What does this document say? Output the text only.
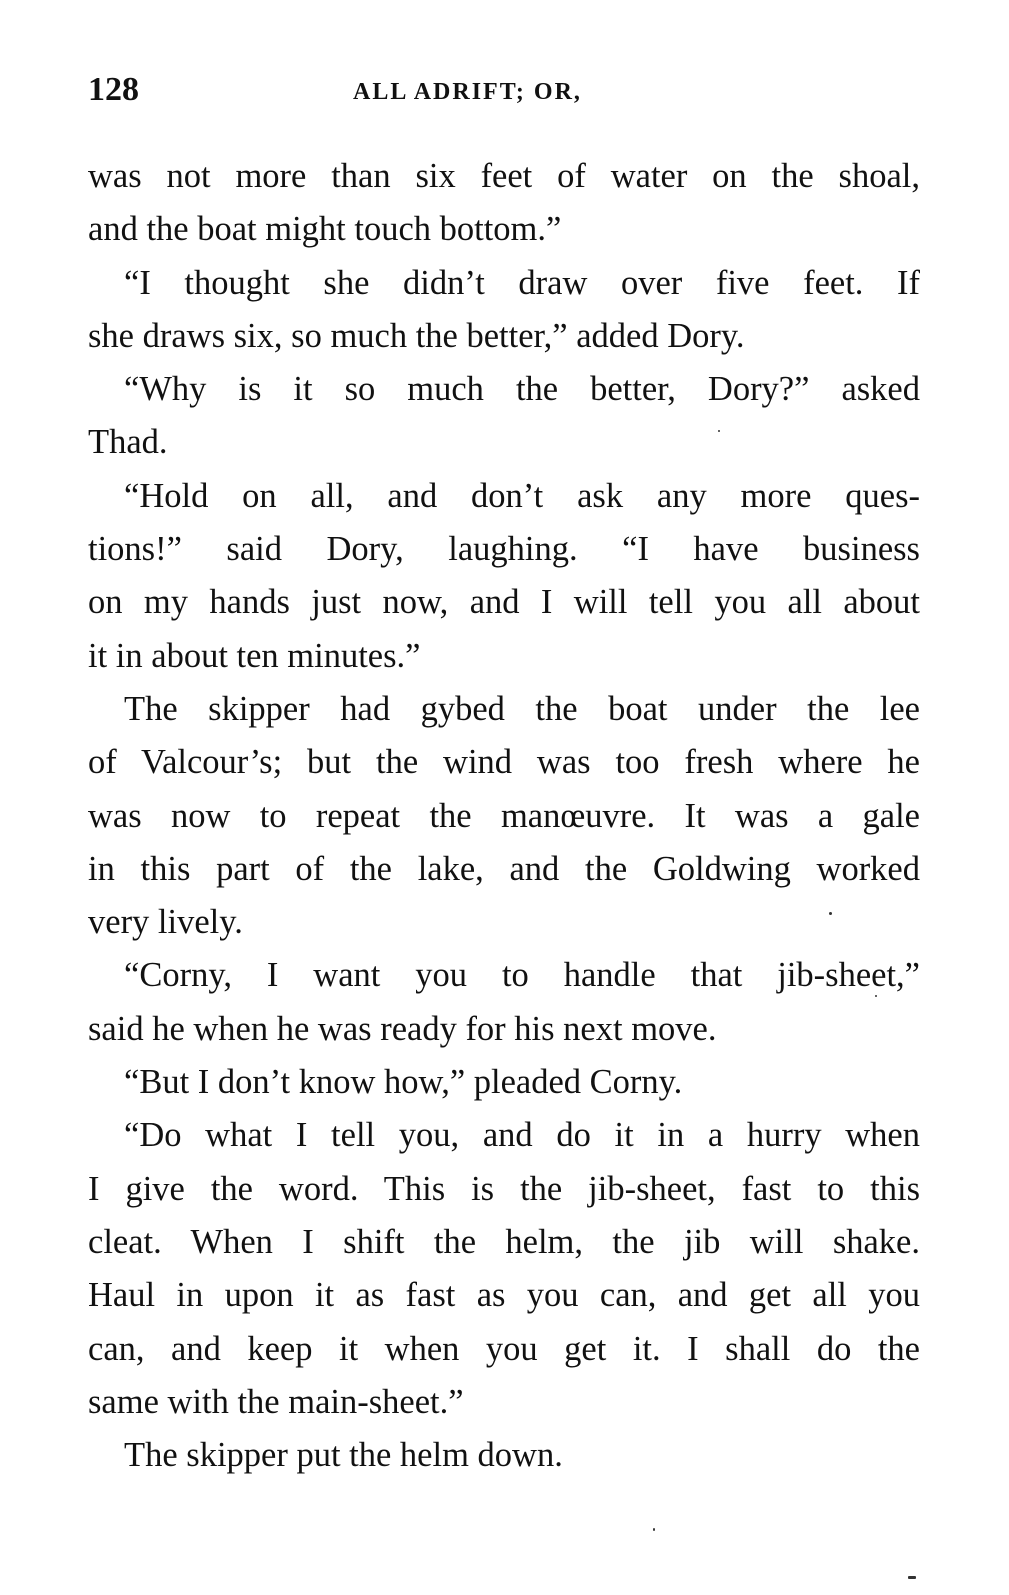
128	ALL ADRIFT; OR,
was not more than six feet of water on the shoal,
and the boat might touch bottom.”
“I thought she didn’t draw over five feet. If
she draws six, so much the better,” added Dory.
“Why is it so much the better, Dory?” asked
Thad.
“Hold on all, and don’t ask any more ques-
tions!” said Dory, laughing. “I have business
on my hands just now, and I will tell you all about
it in about ten minutes.”
The skipper had gybed the boat under the lee
of Valcour’s; but the wind was too fresh where he
was now to repeat the manœuvre. It was a gale
in this part of the lake, and the Goldwing worked
very lively.
“Corny, I want you to handle that jib-sheet,”
said he when he was ready for his next move.
“But I don’t know how,” pleaded Corny.
“Do what I tell you, and do it in a hurry when
I give the word. This is the jib-sheet, fast to this
cleat. When I shift the helm, the jib will shake.
Haul in upon it as fast as you can, and get all you
can, and keep it when you get it. I shall do the
same with the main-sheet.”
The skipper put the helm down.
